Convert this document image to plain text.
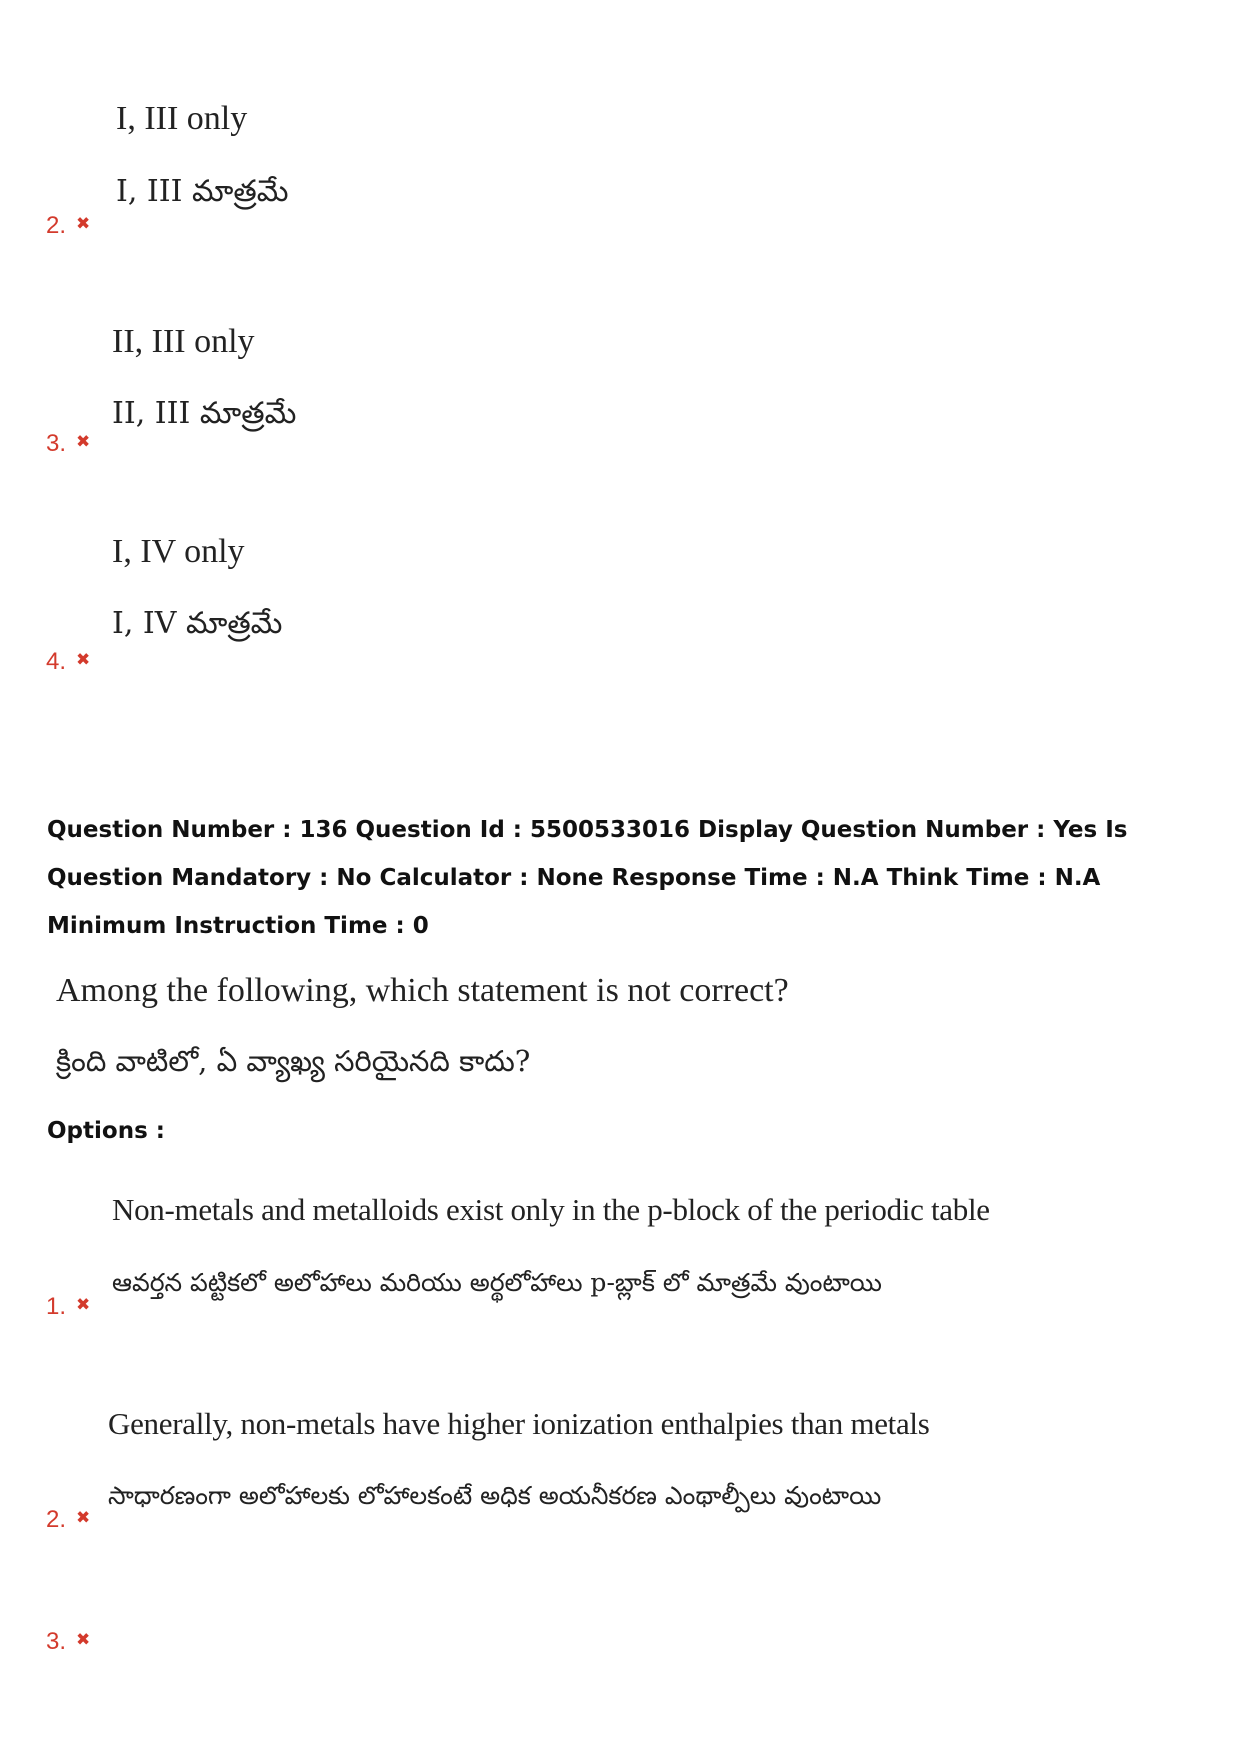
I, III only
I, III మాత్రమే
2. ✖
II, III only
II, III మాత్రమే
3. ✖
I, IV only
I, IV మాత్రమే
4. ✖
Question Number : 136 Question Id : 5500533016 Display Question Number : Yes Is Question Mandatory : No Calculator : None Response Time : N.A Think Time : N.A Minimum Instruction Time : 0
Among the following, which statement is not correct?
క్రింది వాటిలో, ఏ వ్యాఖ్య సరియైనది కాదు?
Options :
Non-metals and metalloids exist only in the p-block of the periodic table
ఆవర్తన పట్టికలో అలోహాలు మరియు అర్థలోహాలు p-బ్లాక్ లో మాత్రమే వుంటాయి
1. ✖
Generally, non-metals have higher ionization enthalpies than metals
సాధారణంగా అలోహాలకు లోహాలకంటే అధిక అయనీకరణ ఎంథాల్పీలు వుంటాయి
2. ✖
3. ✖
